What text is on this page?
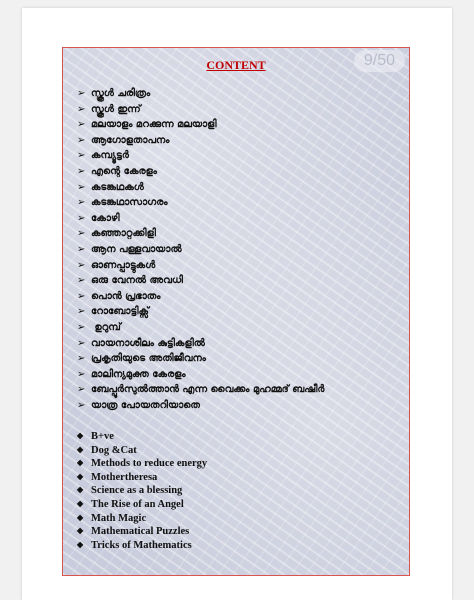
CONTENT	9/50
➢ സ്കൂൾ ചരിത്രം
➢ സ്കൂൾ ഇന്ന്
➢ മലയാളം മറക്കുന്ന മലയാളി
➢ ആഗോളതാപനം
➢ കമ്പ്യൂട്ടർ
➢ എന്റെ കേരളം
➢ കടങ്കഥകൾ
➢ കടങ്കഥാസാഗരം
➢ കോഴി
➢ കഞ്ഞാറ്റക്കിളി
➢ ആന പള്ളവായാൽ
➢ ഓണപ്പാട്ടുകൾ
➢ ഒരു വേനൽ അവധി
➢ പൊൻ പ്രഭാതം
➢ റോബോട്ടിക്സ്
➢ ഉറുമ്പ്
➢ വായനാശീലം കുട്ടികളിൽ
➢ പ്രകൃതിയുടെ അതിജീവനം
➢ മാലിന്യമുക്ത കേരളം
➢ ബേപ്പൂർസുൽത്താൻ എന്ന വൈക്കം മുഹമ്മദ് ബഷീർ
➢ യാത്ര പോയതറിയാതെ
◆ B+ve
◆ Dog &Cat
◆ Methods to reduce energy
◆ Mothertheresa
◆ Science as a blessing
◆ The Rise of an Angel
◆ Math Magic
◆ Mathematical Puzzles
◆ Tricks of Mathematics
